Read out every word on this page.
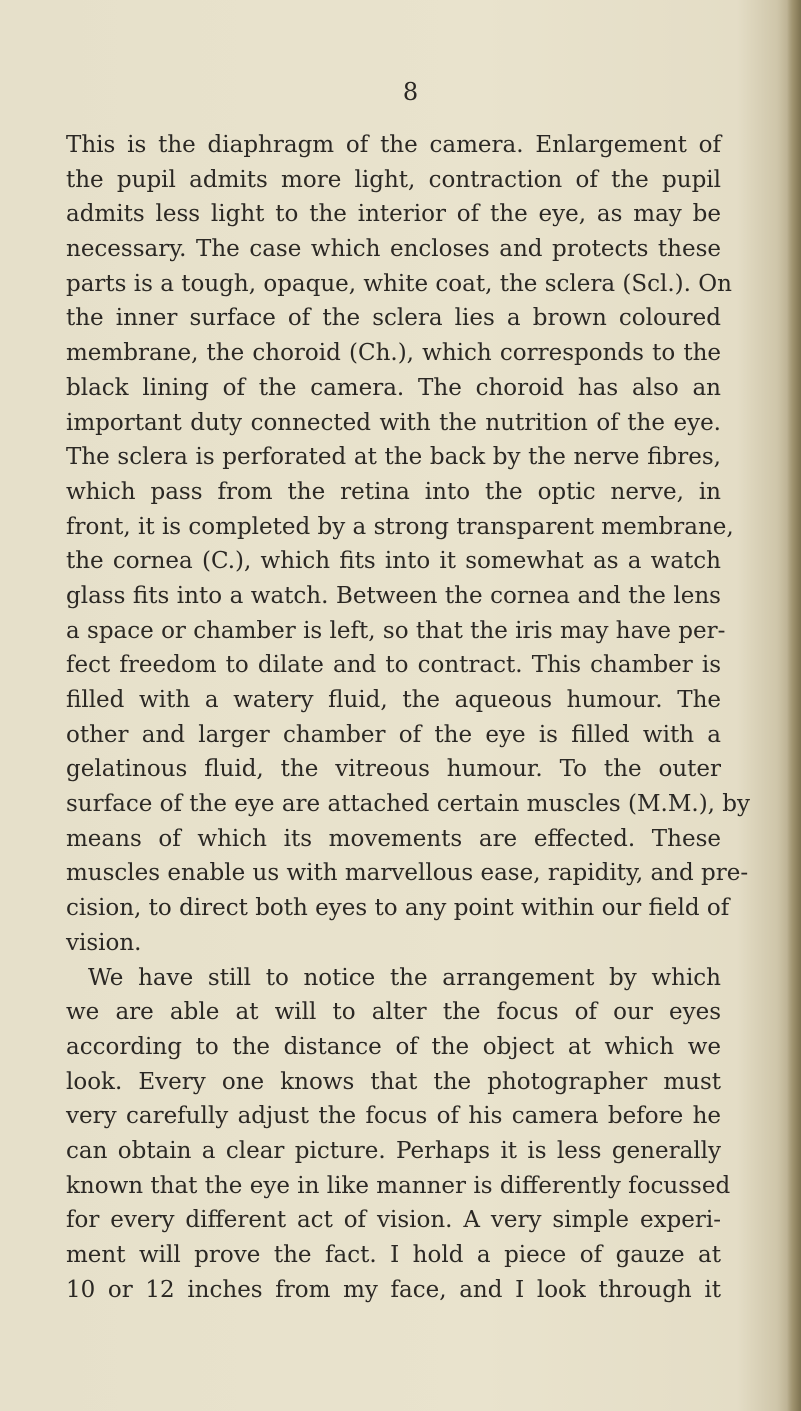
8
This is the diaphragm of the camera. Enlargement of
the pupil admits more light, contraction of the pupil
admits less light to the interior of the eye, as may be
necessary. The case which encloses and protects these
parts is a tough, opaque, white coat, the sclera (Scl.). On
the inner surface of the sclera lies a brown coloured
membrane, the choroid (Ch.), which corresponds to the
black lining of the camera. The choroid has also an
important duty connected with the nutrition of the eye.
The sclera is perforated at the back by the nerve fibres,
which pass from the retina into the optic nerve, in
front, it is completed by a strong transparent membrane,
the cornea (C.), which fits into it somewhat as a watch
glass fits into a watch. Between the cornea and the lens
a space or chamber is left, so that the iris may have per-
fect freedom to dilate and to contract. This chamber is
filled with a watery fluid, the aqueous humour. The
other and larger chamber of the eye is filled with a
gelatinous fluid, the vitreous humour. To the outer
surface of the eye are attached certain muscles (M.M.), by
means of which its movements are effected. These
muscles enable us with marvellous ease, rapidity, and pre-
cision, to direct both eyes to any point within our field of
vision.
We have still to notice the arrangement by which
we are able at will to alter the focus of our eyes
according to the distance of the object at which we
look. Every one knows that the photographer must
very carefully adjust the focus of his camera before he
can obtain a clear picture. Perhaps it is less generally
known that the eye in like manner is differently focussed
for every different act of vision. A very simple experi-
ment will prove the fact. I hold a piece of gauze at
10 or 12 inches from my face, and I look through it
